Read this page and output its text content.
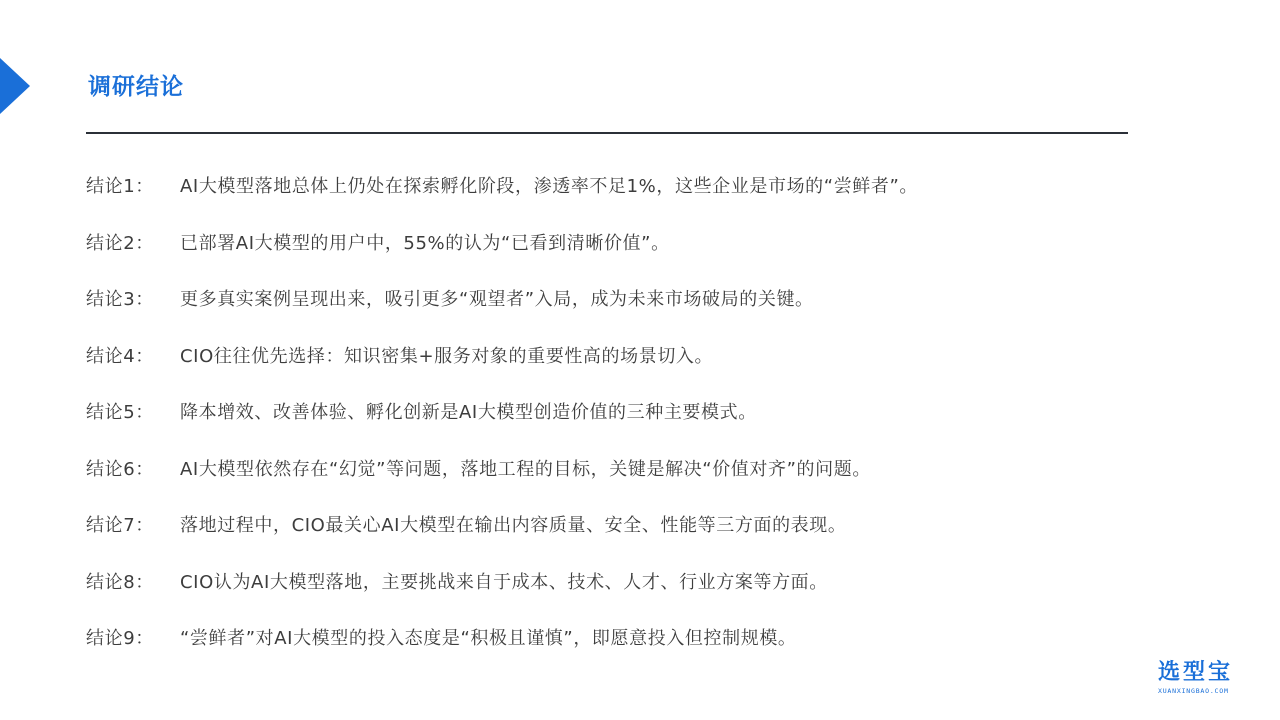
调研结论
结论1：	AI大模型落地总体上仍处在探索孵化阶段，渗透率不足1%，这些企业是市场的“尝鲜者”。
结论2：	已部署AI大模型的用户中，55%的认为“已看到清晰价值”。
结论3：	更多真实案例呈现出来，吸引更多“观望者”入局，成为未来市场破局的关键。
结论4：	CIO往往优先选择：知识密集+服务对象的重要性高的场景切入。
结论5：	降本增效、改善体验、孵化创新是AI大模型创造价值的三种主要模式。
结论6：	AI大模型依然存在“幻觉”等问题，落地工程的目标，关键是解决“价值对齐”的问题。
结论7：	落地过程中，CIO最关心AI大模型在输出内容质量、安全、性能等三方面的表现。
结论8：	CIO认为AI大模型落地，主要挑战来自于成本、技术、人才、行业方案等方面。
结论9：	“尝鲜者”对AI大模型的投入态度是“积极且谨慎”，即愿意投入但控制规模。
选型宝
XUANXINGBAO.COM
